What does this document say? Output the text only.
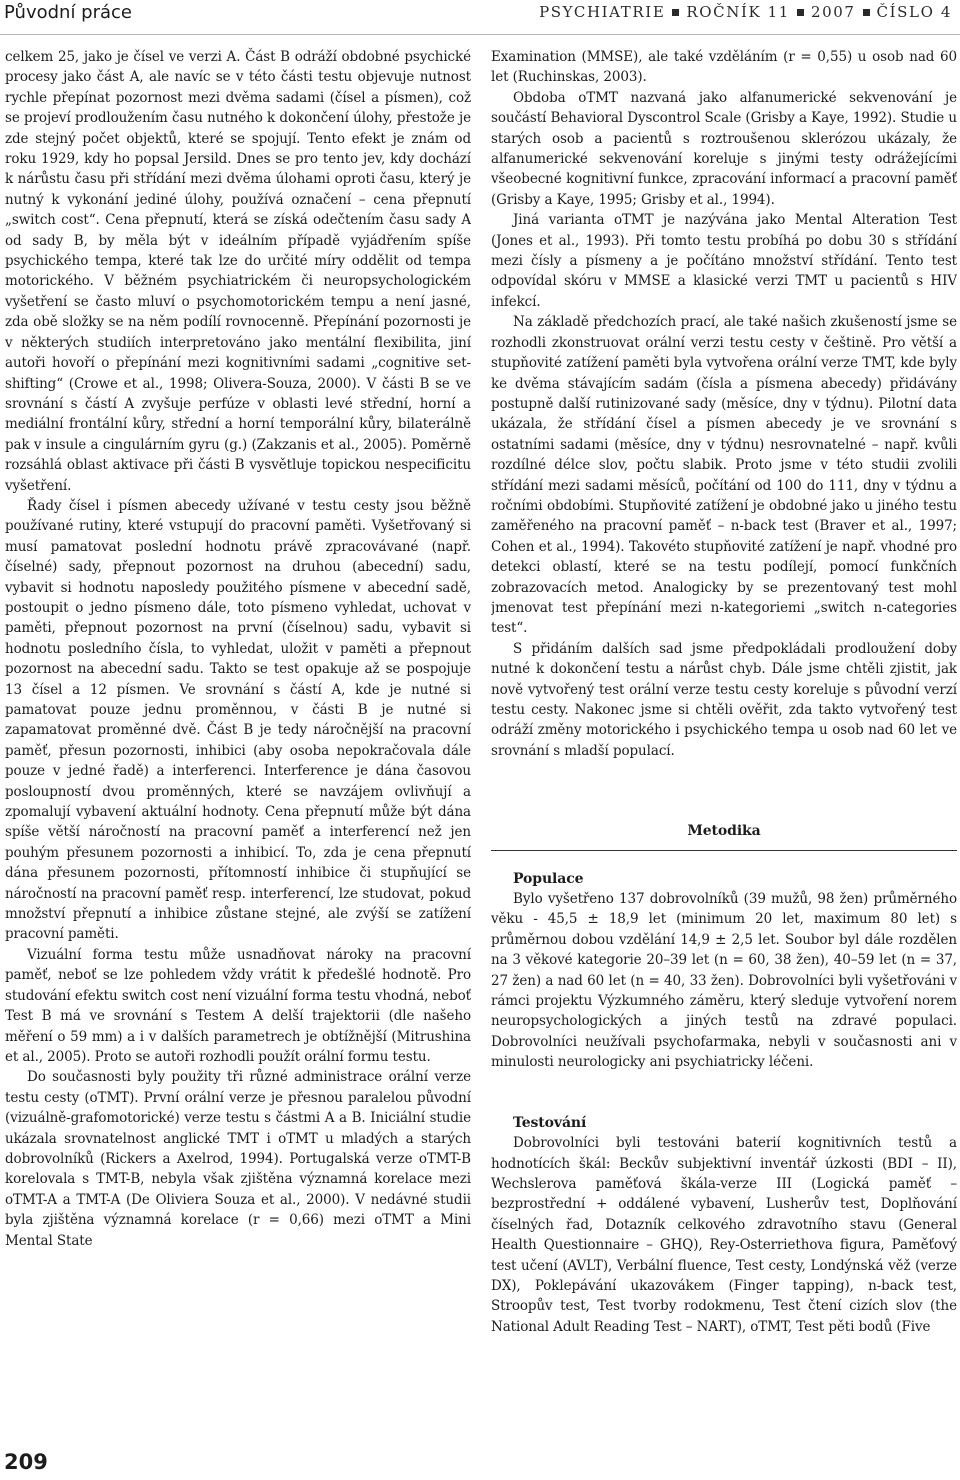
Původní práce	PSYCHIATRIE ROČNÍK 11 2007 ČÍSLO 4

celkem 25, jako je čísel ve verzi A. Část B odráží obdobné psychické procesy jako část A, ale navíc se v této části testu objevuje nutnost rychle přepínat pozornost mezi dvěma sadami (čísel a písmen), což se projeví prodloužením času nutného k dokončení úlohy, přestože je zde stejný počet objektů, které se spojují. Tento efekt je znám od roku 1929, kdy ho popsal Jersild. Dnes se pro tento jev, kdy dochází k nárůstu času při střídání mezi dvěma úlohami oproti času, který je nutný k vykonání jediné úlohy, používá označení – cena přepnutí „switch cost“. Cena přepnutí, která se získá odečtením času sady A od sady B, by měla být v ideálním případě vyjádřením spíše psychického tempa, které tak lze do určité míry oddělit od tempa motorického. V běžném psychiatrickém či neuropsychologickém vyšetření se často mluví o psychomotorickém tempu a není jasné, zda obě složky se na něm podílí rovnocenně. Přepínání pozornosti je v některých studiích interpretováno jako mentální flexibilita, jiní autoři hovoří o přepínání mezi kognitivními sadami „cognitive set-shifting“ (Crowe et al., 1998; Olivera-Souza, 2000). V části B se ve srovnání s částí A zvyšuje perfúze v oblasti levé střední, horní a mediální frontální kůry, střední a horní temporální kůry, bilaterálně pak v insule a cingulárním gyru (g.) (Zakzanis et al., 2005). Poměrně rozsáhlá oblast aktivace při části B vysvětluje topickou nespecificitu vyšetření.

Řady čísel i písmen abecedy užívané v testu cesty jsou běžně používané rutiny, které vstupují do pracovní paměti. Vyšetřovaný si musí pamatovat poslední hodnotu právě zpracovávané (např. číselné) sady, přepnout pozornost na druhou (abecední) sadu, vybavit si hodnotu naposledy použitého písmene v abecední sadě, postoupit o jedno písmeno dále, toto písmeno vyhledat, uchovat v paměti, přepnout pozornost na první (číselnou) sadu, vybavit si hodnotu posledního čísla, to vyhledat, uložit v paměti a přepnout pozornost na abecední sadu. Takto se test opakuje až se pospojuje 13 čísel a 12 písmen. Ve srovnání s částí A, kde je nutné si pamatovat pouze jednu proměnnou, v části B je nutné si zapamatovat proměnné dvě. Část B je tedy náročnější na pracovní paměť, přesun pozornosti, inhibici (aby osoba nepokračovala dále pouze v jedné řadě) a interferenci. Interference je dána časovou posloupností dvou proměnných, které se navzájem ovlivňují a zpomalují vybavení aktuální hodnoty. Cena přepnutí může být dána spíše větší náročností na pracovní paměť a interferencí než jen pouhým přesunem pozornosti a inhibicí. To, zda je cena přepnutí dána přesunem pozornosti, přítomností inhibice či stupňující se náročností na pracovní paměť resp. interferencí, lze studovat, pokud množství přepnutí a inhibice zůstane stejné, ale zvýší se zatížení pracovní paměti.

Vizuální forma testu může usnadňovat nároky na pracovní paměť, neboť se lze pohledem vždy vrátit k předešlé hodnotě. Pro studování efektu switch cost není vizuální forma testu vhodná, neboť Test B má ve srovnání s Testem A delší trajektorii (dle našeho měření o 59 mm) a i v dalších parametrech je obtížnější (Mitrushina et al., 2005). Proto se autoři rozhodli použít orální formu testu.

Do současnosti byly použity tři různé administrace orální verze testu cesty (oTMT). První orální verze je přesnou paralelou původní (vizuálně-grafomotorické) verze testu s částmi A a B. Iniciální studie ukázala srovnatelnost anglické TMT i oTMT u mladých a starých dobrovolníků (Rickers a Axelrod, 1994). Portugalská verze oTMT-B korelovala s TMT-B, nebyla však zjištěna významná korelace mezi oTMT-A a TMT-A (De Oliviera Souza et al., 2000). V nedávné studii byla zjištěna významná korelace (r = 0,66) mezi oTMT a Mini Mental State

Examination (MMSE), ale také vzděláním (r = 0,55) u osob nad 60 let (Ruchinskas, 2003).

Obdoba oTMT nazvaná jako alfanumerické sekvenování je součástí Behavioral Dyscontrol Scale (Grisby a Kaye, 1992). Studie u starých osob a pacientů s roztroušenou sklerózou ukázaly, že alfanumerické sekvenování koreluje s jinými testy odrážejícími všeobecné kognitivní funkce, zpracování informací a pracovní paměť (Grisby a Kaye, 1995; Grisby et al., 1994).

Jiná varianta oTMT je nazývána jako Mental Alteration Test (Jones et al., 1993). Při tomto testu probíhá po dobu 30 s střídání mezi čísly a písmeny a je počítáno množství střídání. Tento test odpovídal skóru v MMSE a klasické verzi TMT u pacientů s HIV infekcí.

Na základě předchozích prací, ale také našich zkušeností jsme se rozhodli zkonstruovat orální verzi testu cesty v češtině. Pro větší a stupňovité zatížení paměti byla vytvořena orální verze TMT, kde byly ke dvěma stávajícím sadám (čísla a písmena abecedy) přidávány postupně další rutinizované sady (měsíce, dny v týdnu). Pilotní data ukázala, že střídání čísel a písmen abecedy je ve srovnání s ostatními sadami (měsíce, dny v týdnu) nesrovnatelné – např. kvůli rozdílné délce slov, počtu slabik. Proto jsme v této studii zvolili střídání mezi sadami měsíců, počítání od 100 do 111, dny v týdnu a ročními obdobími. Stupňovité zatížení je obdobné jako u jiného testu zaměřeného na pracovní paměť – n-back test (Braver et al., 1997; Cohen et al., 1994). Takovéto stupňovité zatížení je např. vhodné pro detekci oblastí, které se na testu podílejí, pomocí funkčních zobrazovacích metod. Analogicky by se prezentovaný test mohl jmenovat test přepínání mezi n-kategoriemi „switch n-categories test“.

S přidáním dalších sad jsme předpokládali prodloužení doby nutné k dokončení testu a nárůst chyb. Dále jsme chtěli zjistit, jak nově vytvořený test orální verze testu cesty koreluje s původní verzí testu cesty. Nakonec jsme si chtěli ověřit, zda takto vytvořený test odráží změny motorického i psychického tempa u osob nad 60 let ve srovnání s mladší populací.

Metodika
Populace

Bylo vyšetřeno 137 dobrovolníků (39 mužů, 98 žen) průměrného věku - 45,5 ± 18,9 let (minimum 20 let, maximum 80 let) s průměrnou dobou vzdělání 14,9 ± 2,5 let. Soubor byl dále rozdělen na 3 věkové kategorie 20–39 let (n = 60, 38 žen), 40–59 let (n = 37, 27 žen) a nad 60 let (n = 40, 33 žen). Dobrovolníci byli vyšetřováni v rámci projektu Výzkumného záměru, který sleduje vytvoření norem neuropsychologických a jiných testů na zdravé populaci. Dobrovolníci neužívali psychofarmaka, nebyli v současnosti ani v minulosti neurologicky ani psychiatricky léčeni.

Testování

Dobrovolníci byli testováni baterií kognitivních testů a hodnotících škál: Beckův subjektivní inventář úzkosti (BDI – II), Wechslerova paměťová škála-verze III (Logická paměť – bezprostřední + oddálené vybavení, Lusherův test, Doplňování číselných řad, Dotazník celkového zdravotního stavu (General Health Questionnaire – GHQ), Rey-Osterriethova figura, Paměťový test učení (AVLT), Verbální fluence, Test cesty, Londýnská věž (verze DX), Poklepávání ukazovákem (Finger tapping), n-back test, Stroopův test, Test tvorby rodokmenu, Test čtení cizích slov (the National Adult Reading Test – NART), oTMT, Test pěti bodů (Five

209
